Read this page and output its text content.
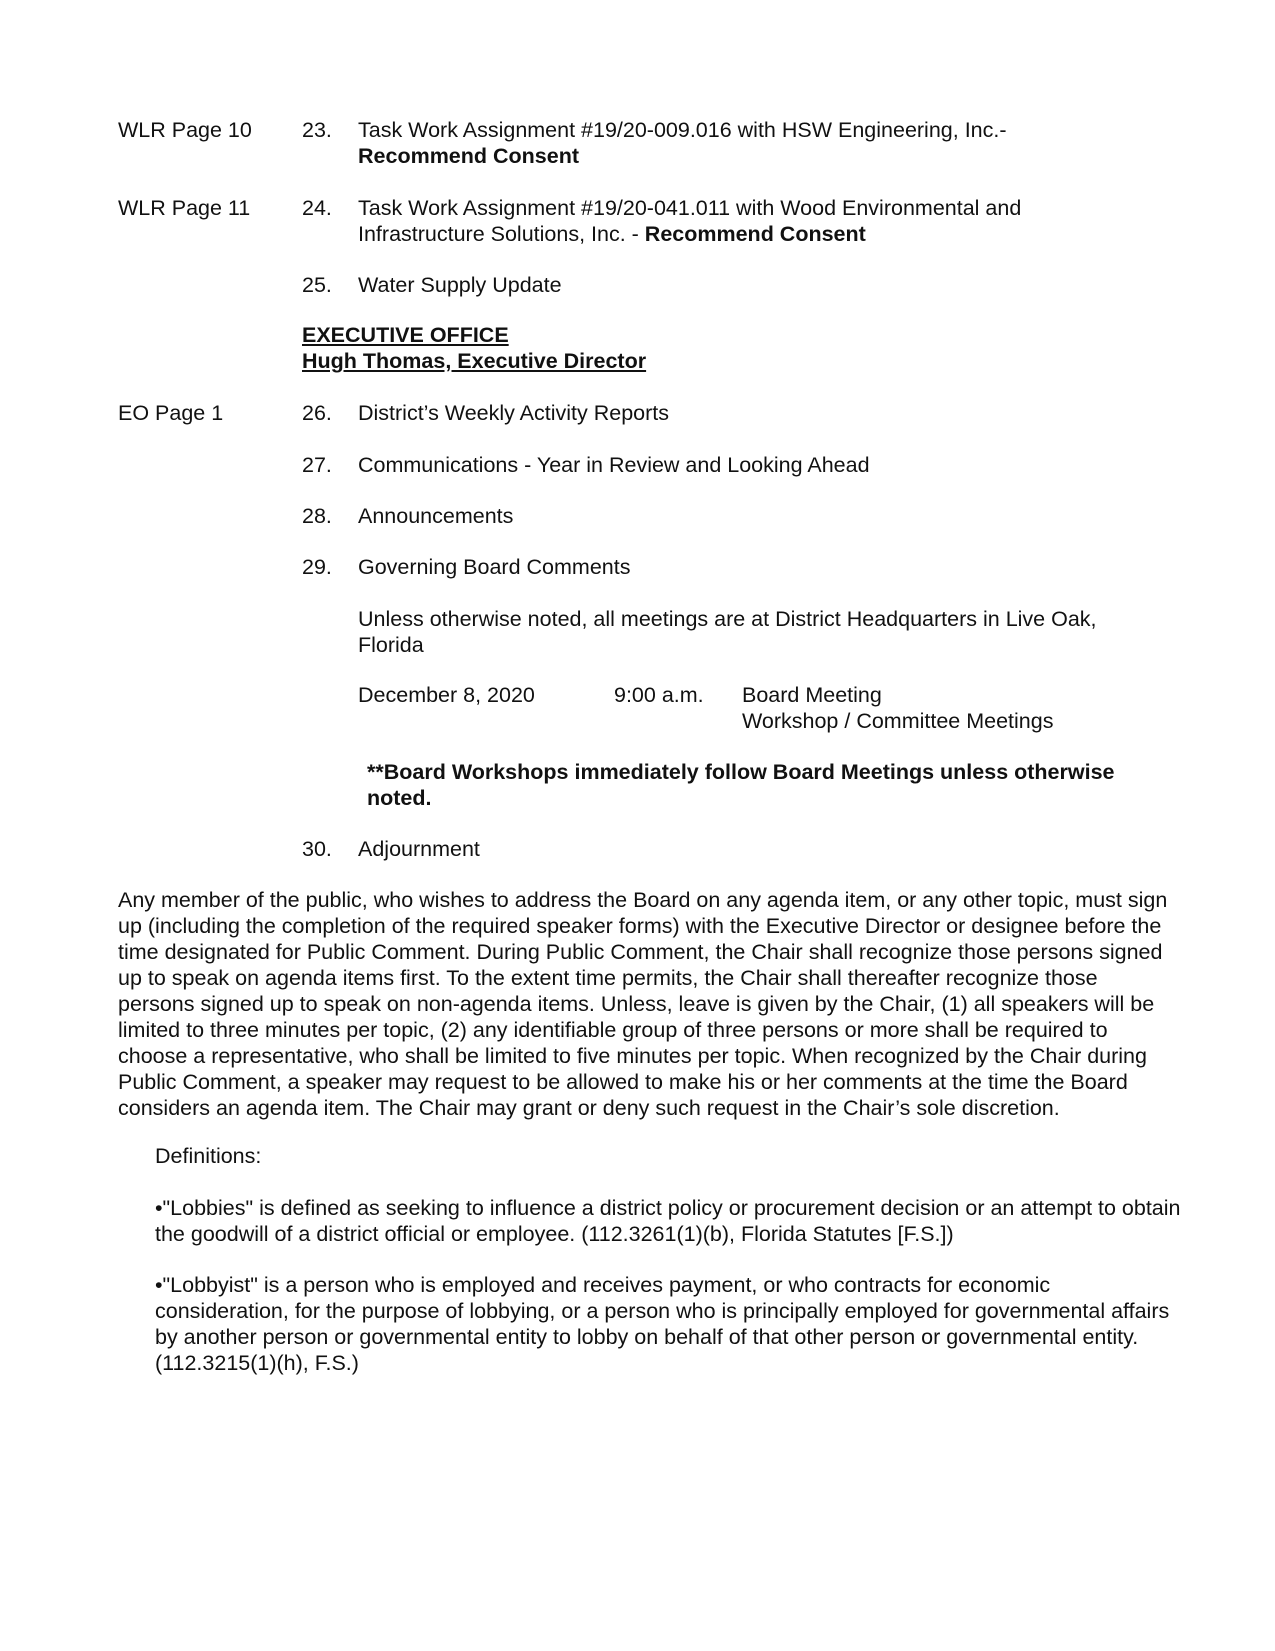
WLR Page 10 23. Task Work Assignment #19/20-009.016 with HSW Engineering, Inc.-
Recommend Consent
WLR Page 11 24. Task Work Assignment #19/20-041.011 with Wood Environmental and Infrastructure Solutions, Inc. - Recommend Consent
25. Water Supply Update
EXECUTIVE OFFICE
Hugh Thomas, Executive Director
EO Page 1	26. District’s Weekly Activity Reports
27. Communications - Year in Review and Looking Ahead
28. Announcements
29. Governing Board Comments
Unless otherwise noted, all meetings are at District Headquarters in Live Oak, Florida
December 8, 2020	9:00 a.m. Board Meeting
Workshop / Committee Meetings
**Board Workshops immediately follow Board Meetings unless otherwise noted.
30. Adjournment
Any member of the public, who wishes to address the Board on any agenda item, or any other topic, must sign up (including the completion of the required speaker forms) with the Executive Director or designee before the time designated for Public Comment. During Public Comment, the Chair shall recognize those persons signed up to speak on agenda items first. To the extent time permits, the Chair shall thereafter recognize those persons signed up to speak on non-agenda items. Unless, leave is given by the Chair, (1) all speakers will be limited to three minutes per topic, (2) any identifiable group of three persons or more shall be required to choose a representative, who shall be limited to five minutes per topic. When recognized by the Chair during Public Comment, a speaker may request to be allowed to make his or her comments at the time the Board considers an agenda item. The Chair may grant or deny such request in the Chair’s sole discretion.
Definitions:
•"Lobbies" is defined as seeking to influence a district policy or procurement decision or an attempt to obtain the goodwill of a district official or employee. (112.3261(1)(b), Florida Statutes [F.S.])
•"Lobbyist" is a person who is employed and receives payment, or who contracts for economic consideration, for the purpose of lobbying, or a person who is principally employed for governmental affairs by another person or governmental entity to lobby on behalf of that other person or governmental entity. (112.3215(1)(h), F.S.)
